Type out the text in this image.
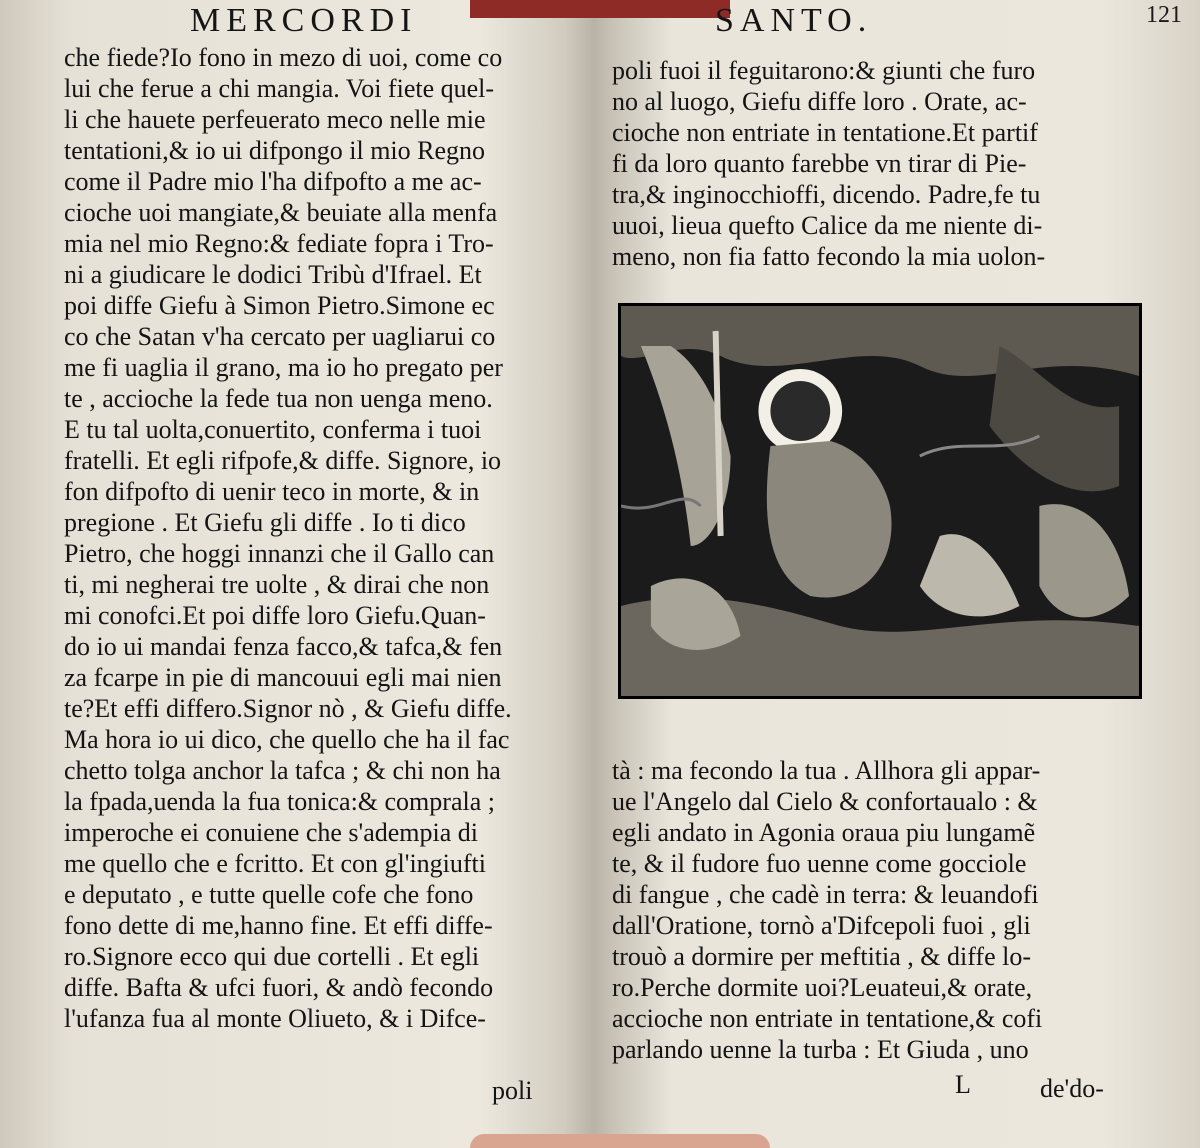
MERCORDI
che fiede?Io fono in mezo di uoi, come co
lui che ferue a chi mangia. Voi fiete quel-
li che hauete perfeuerato meco nelle mie
tentationi,& io ui difpongo il mio Regno
come il Padre mio l'ha difpofto a me ac-
cioche uoi mangiate,& beuiate alla menfa
mia nel mio Regno:& fediate fopra i Tro-
ni a giudicare le dodici Tribù d'Ifrael. Et
poi diffe Giefu à Simon Pietro.Simone ec
co che Satan v'ha cercato per uagliarui co
me fi uaglia il grano, ma io ho pregato per
te , accioche la fede tua non uenga meno.
E tu tal uolta,conuertito, conferma i tuoi
fratelli. Et egli rifpofe,& diffe. Signore, io
fon difpofto di uenir teco in morte, & in
pregione . Et Giefu gli diffe . Io ti dico
Pietro, che hoggi innanzi che il Gallo can
ti, mi negherai tre uolte , & dirai che non
mi conofci.Et poi diffe loro Giefu.Quan-
do io ui mandai fenza facco,& tafca,& fen
za fcarpe in pie di mancouui egli mai nien
te?Et effi differo.Signor nò , & Giefu diffe.
Ma hora io ui dico, che quello che ha il fac
chetto tolga anchor la tafca ; & chi non ha
la fpada,uenda la fua tonica:& comprala ;
imperoche ei conuiene che s'adempia di
me quello che e fcritto. Et con gl'ingiufti
e deputato , e tutte quelle cofe che fono
fono dette di me,hanno fine. Et effi diffe-
ro.Signore ecco qui due cortelli . Et egli
diffe. Bafta & ufci fuori, & andò fecondo
l'ufanza fua al monte Oliueto, & i Difce-
poli
SANTO.	121
L	de'do-
poli fuoi il feguitarono:& giunti che furo
no al luogo, Giefu diffe loro . Orate, ac-
cioche non entriate in tentatione.Et partif
fi da loro quanto farebbe vn tirar di Pie-
tra,& inginocchioffi, dicendo. Padre,fe tu
uuoi, lieua quefto Calice da me niente di-
meno, non fia fatto fecondo la mia uolon-
tà : ma fecondo la tua . Allhora gli appar-
ue l'Angelo dal Cielo & confortaualo : &
egli andato in Agonia oraua piu lungamẽ
te, & il fudore fuo uenne come gocciole
di fangue , che cadè in terra: & leuandofi
dall'Oratione, tornò a'Difcepoli fuoi , gli
trouò a dormire per meftitia , & diffe lo-
ro.Perche dormite uoi?Leuateui,& orate,
accioche non entriate in tentatione,& cofi
parlando uenne la turba : Et Giuda , uno
